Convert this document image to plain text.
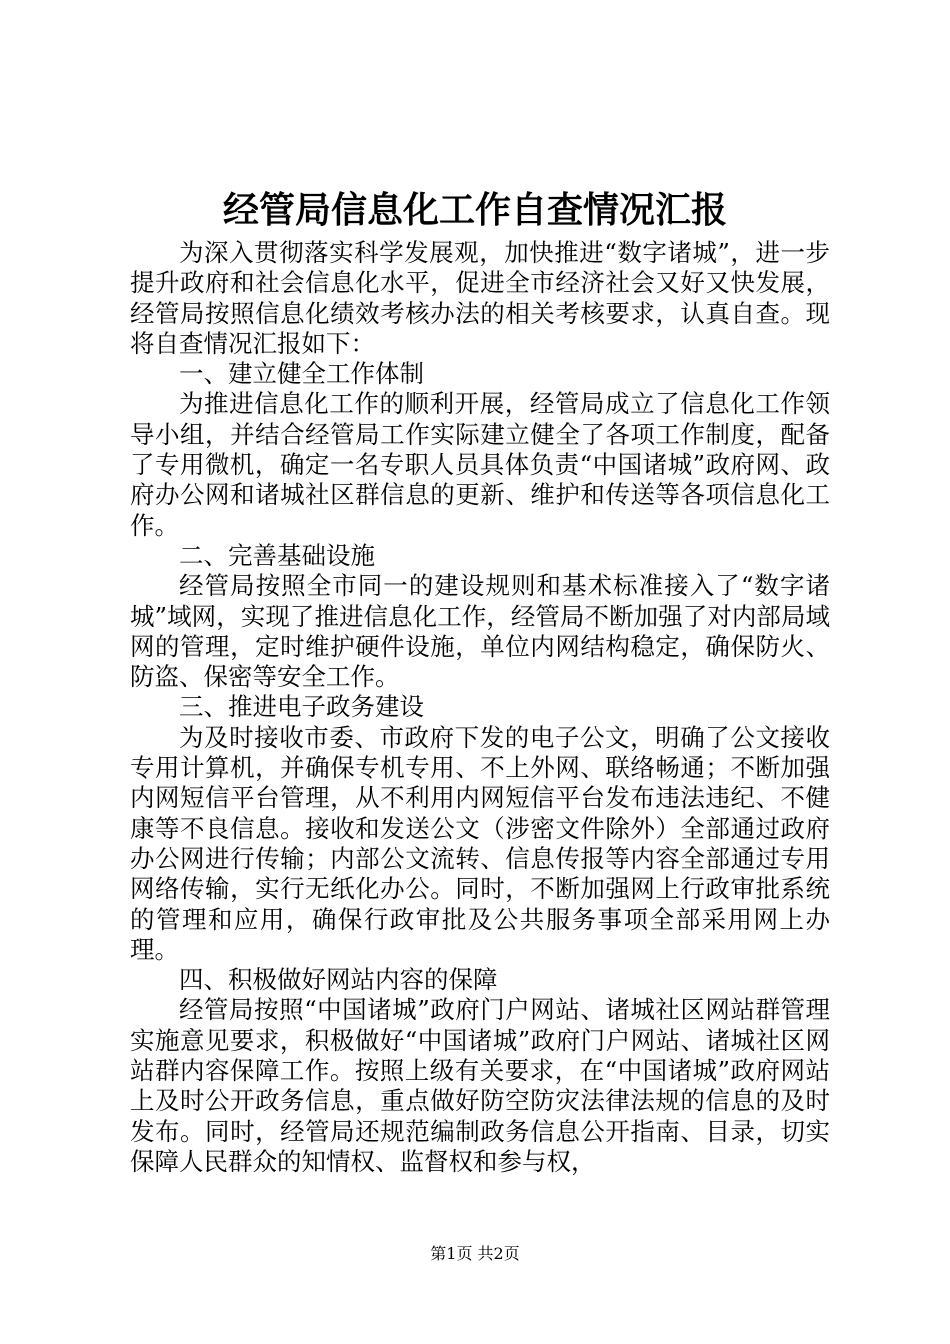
经管局信息化工作自查情况汇报

为深入贯彻落实科学发展观，加快推进“数字诸城”，进一步提升政府和社会信息化水平，促进全市经济社会又好又快发展，经管局按照信息化绩效考核办法的相关考核要求，认真自查。现将自查情况汇报如下：

一、建立健全工作体制

为推进信息化工作的顺利开展，经管局成立了信息化工作领导小组，并结合经管局工作实际建立健全了各项工作制度，配备了专用微机，确定一名专职人员具体负责“中国诸城”政府网、政府办公网和诸城社区群信息的更新、维护和传送等各项信息化工作。

二、完善基础设施

经管局按照全市同一的建设规则和基术标准接入了“数字诸城”域网，实现了推进信息化工作，经管局不断加强了对内部局域网的管理，定时维护硬件设施，单位内网结构稳定，确保防火、防盗、保密等安全工作。

三、推进电子政务建设

为及时接收市委、市政府下发的电子公文，明确了公文接收专用计算机，并确保专机专用、不上外网、联络畅通；不断加强内网短信平台管理，从不利用内网短信平台发布违法违纪、不健康等不良信息。接收和发送公文（涉密文件除外）全部通过政府办公网进行传输；内部公文流转、信息传报等内容全部通过专用网络传输，实行无纸化办公。同时，不断加强网上行政审批系统的管理和应用，确保行政审批及公共服务事项全部采用网上办理。

四、积极做好网站内容的保障

经管局按照“中国诸城”政府门户网站、诸城社区网站群管理实施意见要求，积极做好“中国诸城”政府门户网站、诸城社区网站群内容保障工作。按照上级有关要求，在“中国诸城”政府网站上及时公开政务信息，重点做好防空防灾法律法规的信息的及时发布。同时，经管局还规范编制政务信息公开指南、目录，切实保障人民群众的知情权、监督权和参与权，

第1页 共2页
